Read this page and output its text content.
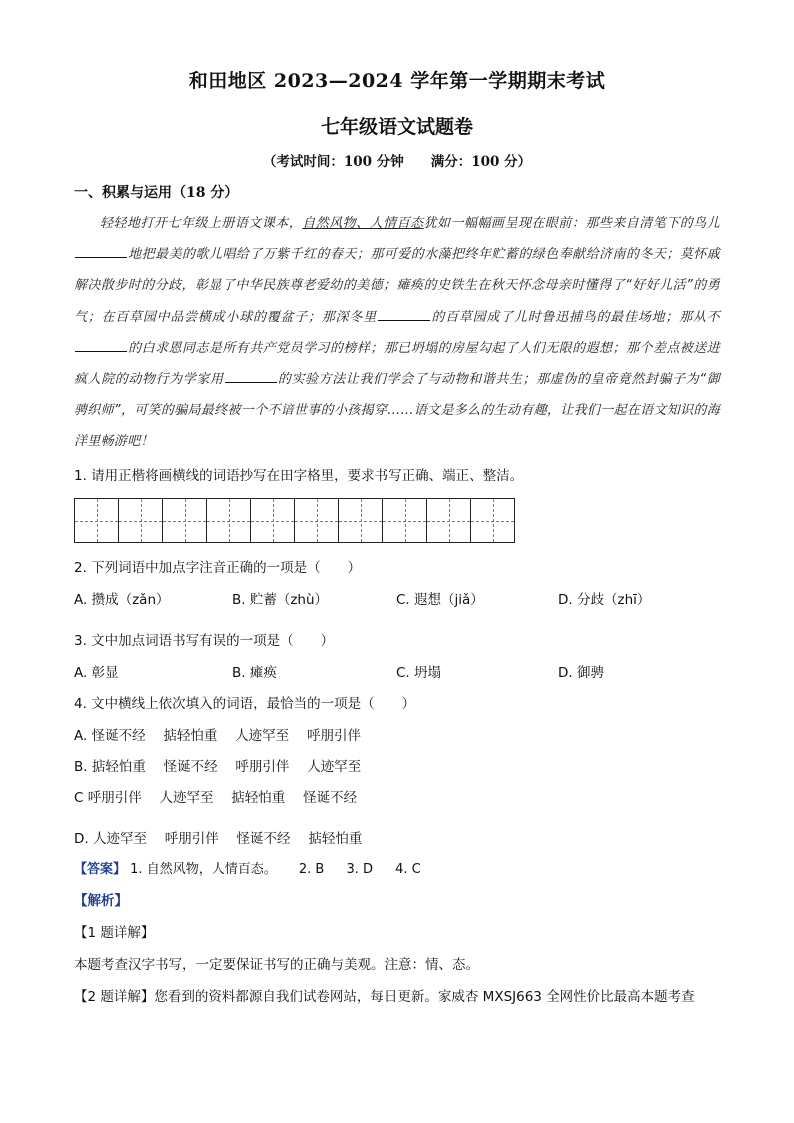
和田地区 2023—2024 学年第一学期期末考试
七年级语文试题卷
（考试时间：100 分钟　　满分：100 分）
一、积累与运用（18 分）

轻轻地打开七年级上册语文课本，自然风物、人情百态犹如一幅幅画呈现在眼前：那些来自清笔下的鸟儿地把最美的歌儿唱给了万紫千红的春天；那可爱的水藻把终年贮蓄的绿色奉献给济南的冬天；莫怀戚解决散步时的分歧，彰显了中华民族尊老爱幼的美德；瘫痪的史铁生在秋天怀念母亲时懂得了“好好儿活”的勇气；在百草园中品尝横成小球的覆盆子；那深冬里	的百草园成了儿时鲁迅捕鸟的最佳场地；那从不的白求恩同志是所有共产党员学习的榜样；那已坍塌的房屋勾起了人们无限的遐想；那个差点被送进疯人院的动物行为学家用	的实验方法让我们学会了与动物和谐共生；那虚伪的皇帝竟然封骗子为“御骋织师”，可笑的骗局最终被一个不谙世事的小孩揭穿……语文是多么的生动有趣，让我们一起在语文知识的海洋里畅游吧！

1. 请用正楷将画横线的词语抄写在田字格里，要求书写正确、端正、整洁。
2. 下列词语中加点字注音正确的一项是（　　）
A. 攒成（zǎn）	B. 贮蓄（zhù）	C. 遐想（jiǎ）	D. 分歧（zhī）
3. 文中加点词语书写有误的一项是（　　）
A. 彰显	B. 瘫痪	C. 坍塌	D. 御骋
4. 文中横线上依次填入的词语，最恰当的一项是（　　）
A. 怪诞不经　 掂轻怕重　 人迹罕至　 呼朋引伴
B. 掂轻怕重　 怪诞不经　 呼朋引伴　 人迹罕至
C 呼朋引伴　 人迹罕至　 掂轻怕重　 怪诞不经
D. 人迹罕至　 呼朋引伴　 怪诞不经　 掂轻怕重
【答案】 1. 自然风物，人情百态。 2. B 3. D 4. C
【解析】
【1 题详解】
本题考查汉字书写，一定要保证书写的正确与美观。注意：情、态。
【2 题详解】您看到的资料都源自我们试卷网站，每日更新。家威杏 MXSJ663 全网性价比最高本题考查
